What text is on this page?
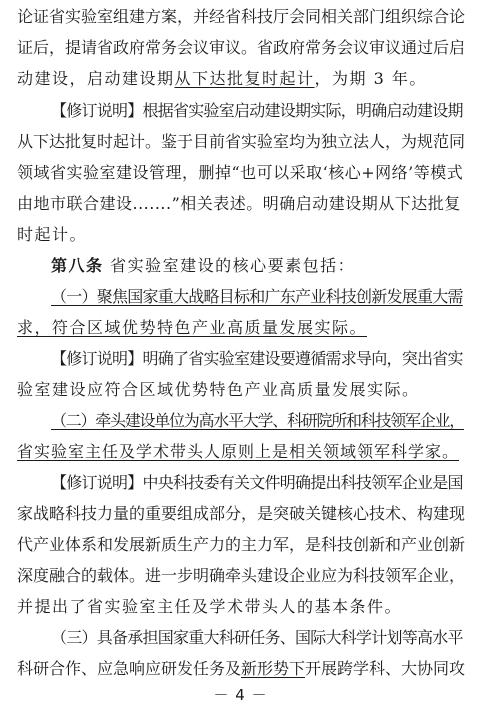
论证省实验室组建方案，并经省科技厅会同相关部门组织综合论
证后，提请省政府常务会议审议。省政府常务会议审议通过后启
动建设，启动建设期从下达批复时起计，为期 3 年。
【修订说明】根据省实验室启动建设期实际，明确启动建设期
从下达批复时起计。鉴于目前省实验室均为独立法人，为规范同
领域省实验室建设管理，删掉“也可以采取‘核心+网络’等模式
由地市联合建设.......”相关表述。明确启动建设期从下达批复
时起计。
第八条 省实验室建设的核心要素包括：
（一）聚焦国家重大战略目标和广东产业科技创新发展重大需
求，符合区域优势特色产业高质量发展实际。
【修订说明】明确了省实验室建设要遵循需求导向，突出省实
验室建设应符合区域优势特色产业高质量发展实际。
（二）牵头建设单位为高水平大学、科研院所和科技领军企业，
省实验室主任及学术带头人原则上是相关领域领军科学家。
【修订说明】中央科技委有关文件明确提出科技领军企业是国
家战略科技力量的重要组成部分，是突破关键核心技术、构建现
代产业体系和发展新质生产力的主力军，是科技创新和产业创新
深度融合的载体。进一步明确牵头建设企业应为科技领军企业，
并提出了省实验室主任及学术带头人的基本条件。
（三）具备承担国家重大科研任务、国际大科学计划等高水平
科研合作、应急响应研发任务及新形势下开展跨学科、大协同攻
－ 4 －
